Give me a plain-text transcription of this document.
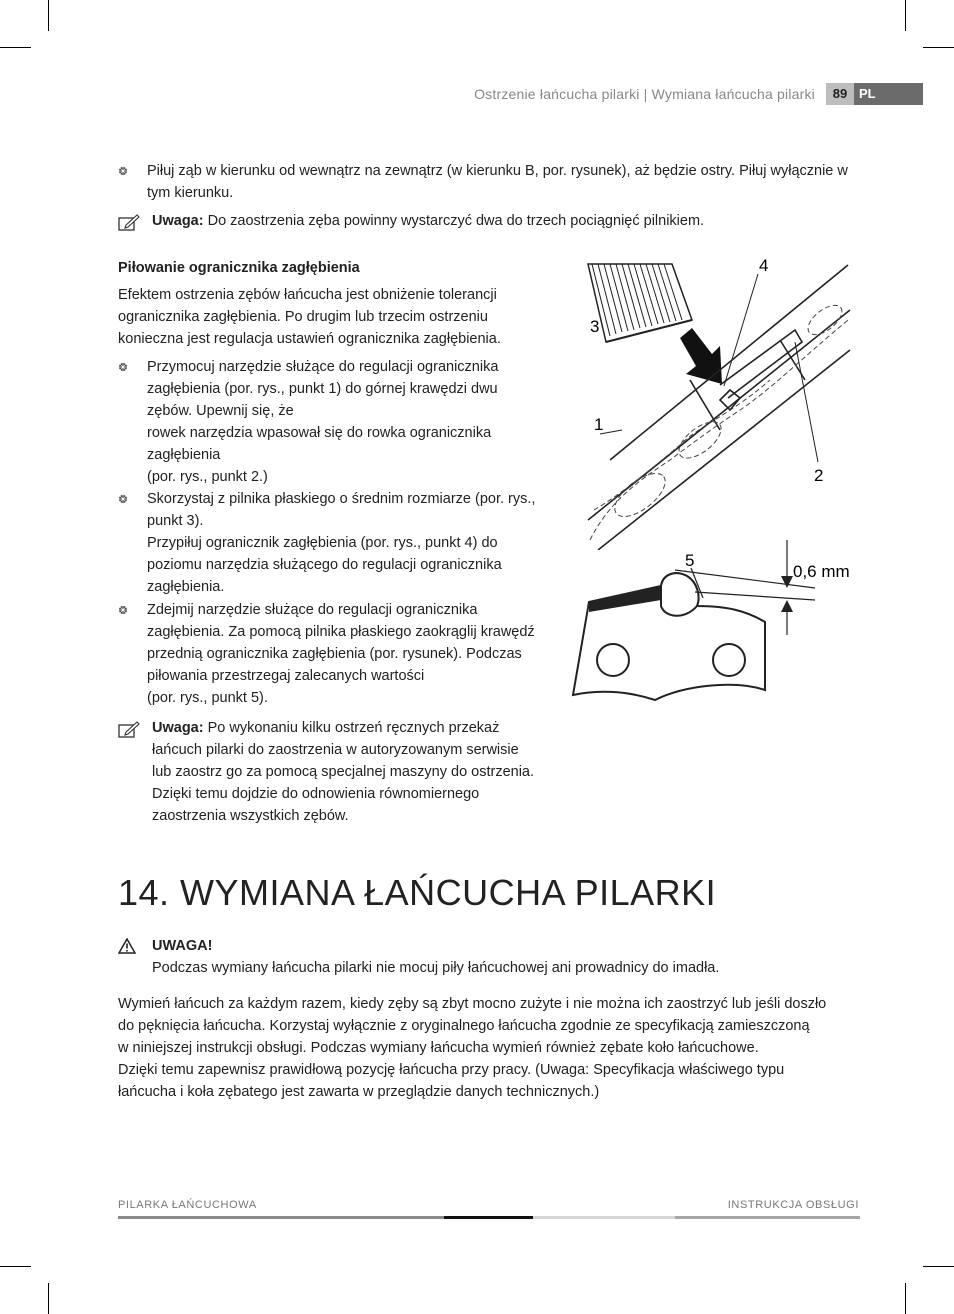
Ostrzenie łańcucha pilarki | Wymiana łańcucha pilarki	89 PL
Piłuj ząb w kierunku od wewnątrz na zewnątrz (w kierunku B, por. rysunek), aż będzie ostry. Piłuj wyłącznie w tym kierunku.
Uwaga: Do zaostrzenia zęba powinny wystarczyć dwa do trzech pociągnięć pilnikiem.
Piłowanie ogranicznika zagłębienia
Efektem ostrzenia zębów łańcucha jest obniżenie tolerancji ogranicznika zagłębienia. Po drugim lub trzecim ostrzeniu konieczna jest regulacja ustawień ogranicznika zagłębienia.
Przymocuj narzędzie służące do regulacji ogranicznika
zagłębienia (por. rys., punkt 1) do górnej krawędzi dwu
zębów. Upewnij się, że
rowek narzędzia wpasował się do rowka ogranicznika
zagłębienia
(por. rys., punkt 2.)
Skorzystaj z pilnika płaskiego o średnim rozmiarze (por. rys.,
punkt 3).
Przypiłuj ogranicznik zagłębienia (por. rys., punkt 4) do
poziomu narzędzia służącego do regulacji ogranicznika
zagłębienia.
Zdejmij narzędzie służące do regulacji ogranicznika
zagłębienia. Za pomocą pilnika płaskiego zaokrąglij krawędź
przednią ogranicznika zagłębienia (por. rysunek). Podczas
piłowania przestrzegaj zalecanych wartości
(por. rys., punkt 5).
Uwaga: Po wykonaniu kilku ostrzeń ręcznych przekaż
łańcuch pilarki do zaostrzenia w autoryzowanym serwisie
lub zaostrz go za pomocą specjalnej maszyny do ostrzenia.
Dzięki temu dojdzie do odnowienia równomiernego
zaostrzenia wszystkich zębów.
3
4
1
2
5
0,6 mm
14. WYMIANA ŁAŃCUCHA PILARKI
UWAGA!
Podczas wymiany łańcucha pilarki nie mocuj piły łańcuchowej ani prowadnicy do imadła.
Wymień łańcuch za każdym razem, kiedy zęby są zbyt mocno zużyte i nie można ich zaostrzyć lub jeśli doszło
do pęknięcia łańcucha. Korzystaj wyłącznie z oryginalnego łańcucha zgodnie ze specyfikacją zamieszczoną
w niniejszej instrukcji obsługi. Podczas wymiany łańcucha wymień również zębate koło łańcuchowe.
Dzięki temu zapewnisz prawidłową pozycję łańcucha przy pracy. (Uwaga: Specyfikacja właściwego typu
łańcucha i koła zębatego jest zawarta w przeglądzie danych technicznych.)
PILARKA ŁAŃCUCHOWA	INSTRUKCJA OBSŁUGI
